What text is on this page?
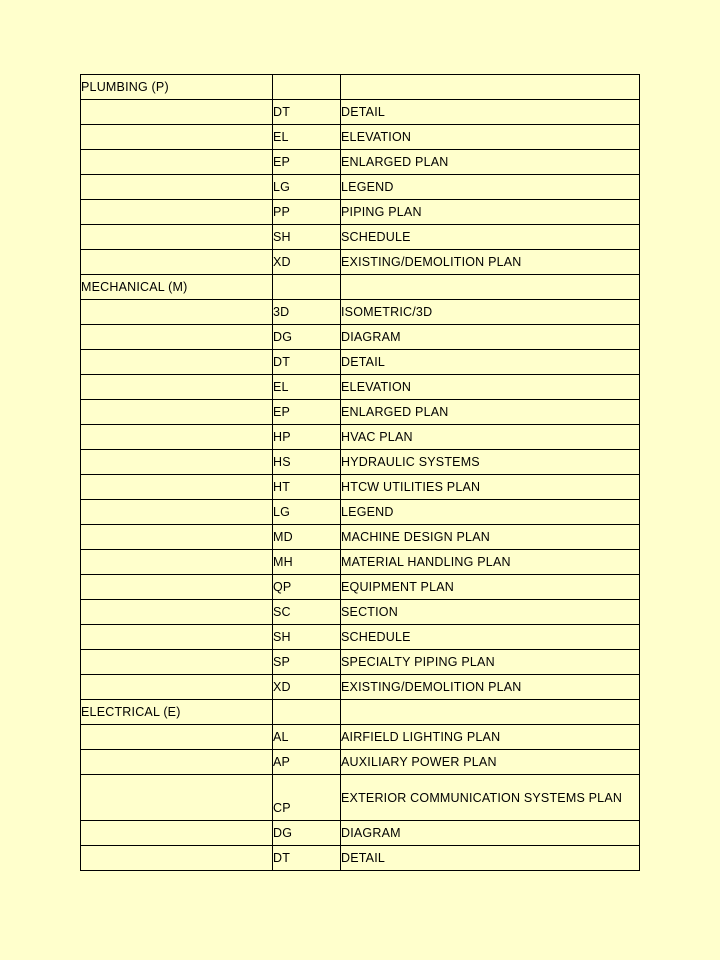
PLUMBING (P)		
	DT	DETAIL
	EL	ELEVATION
	EP	ENLARGED PLAN
	LG	LEGEND
	PP	PIPING PLAN
	SH	SCHEDULE
	XD	EXISTING/DEMOLITION PLAN
MECHANICAL (M)		
	3D	ISOMETRIC/3D
	DG	DIAGRAM
	DT	DETAIL
	EL	ELEVATION
	EP	ENLARGED PLAN
	HP	HVAC PLAN
	HS	HYDRAULIC SYSTEMS
	HT	HTCW UTILITIES PLAN
	LG	LEGEND
	MD	MACHINE DESIGN PLAN
	MH	MATERIAL HANDLING PLAN
	QP	EQUIPMENT PLAN
	SC	SECTION
	SH	SCHEDULE
	SP	SPECIALTY PIPING PLAN
	XD	EXISTING/DEMOLITION PLAN
ELECTRICAL (E)		
	AL	AIRFIELD LIGHTING PLAN
	AP	AUXILIARY POWER PLAN
	CP	EXTERIOR COMMUNICATION SYSTEMS PLAN
	DG	DIAGRAM
	DT	DETAIL
